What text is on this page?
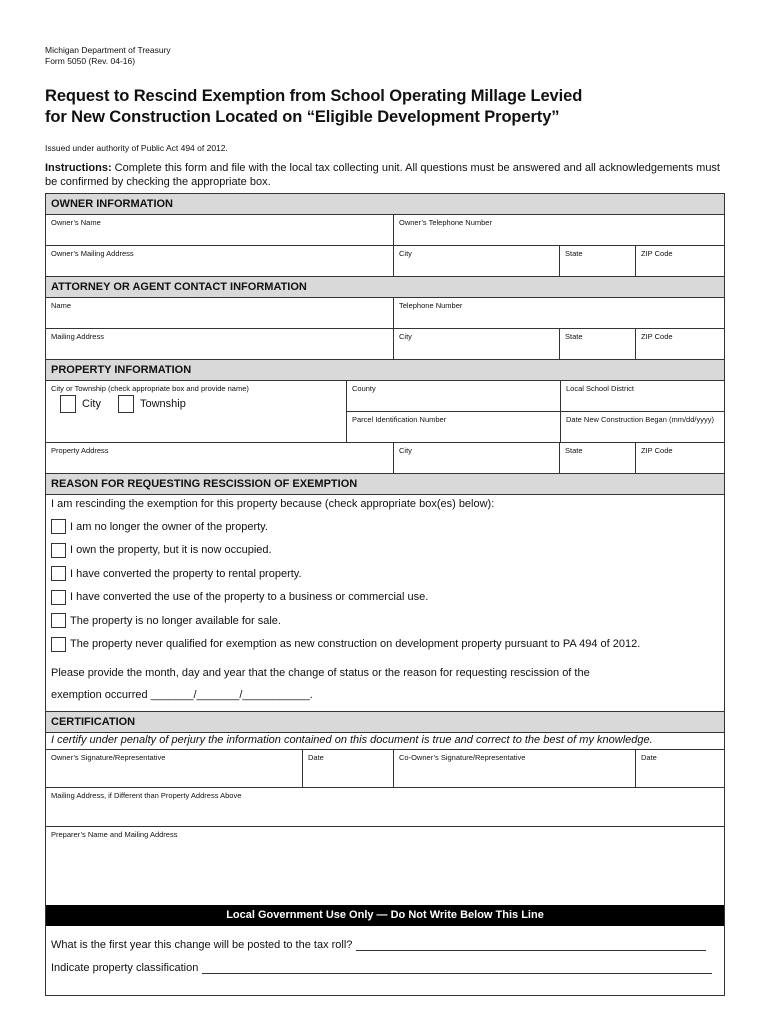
Michigan Department of Treasury
Form 5050 (Rev. 04-16)
Request to Rescind Exemption from School Operating Millage Levied
for New Construction Located on “Eligible Development Property”
Issued under authority of Public Act 494 of 2012.
Instructions: Complete this form and file with the local tax collecting unit. All questions must be answered and all acknowledgements must be confirmed by checking the appropriate box.
OWNER INFORMATION
Owner’s Name	Owner’s Telephone Number
Owner’s Mailing Address	City	State	ZIP Code
ATTORNEY OR AGENT CONTACT INFORMATION
Name	Telephone Number
Mailing Address	City	State	ZIP Code
PROPERTY INFORMATION
City or Township (check appropriate box and provide name)
City	Township
County	Local School District
Parcel Identification Number	Date New Construction Began (mm/dd/yyyy)
Property Address	City	State	ZIP Code
REASON FOR REQUESTING RESCISSION OF EXEMPTION
I am rescinding the exemption for this property because (check appropriate box(es) below):
I am no longer the owner of the property.
I own the property, but it is now occupied.
I have converted the property to rental property.
I have converted the use of the property to a business or commercial use.
The property is no longer available for sale.
The property never qualified for exemption as new construction on development property pursuant to PA 494 of 2012.
Please provide the month, day and year that the change of status or the reason for requesting rescission of the
exemption occurred _______/_______/___________.
CERTIFICATION
I certify under penalty of perjury the information contained on this document is true and correct to the best of my knowledge.
Owner’s Signature/Representative	Date	Co-Owner’s Signature/Representative	Date
Mailing Address, if Different than Property Address Above
Preparer’s Name and Mailing Address
Local Government Use Only — Do Not Write Below This Line
What is the first year this change will be posted to the tax roll?
Indicate property classification
